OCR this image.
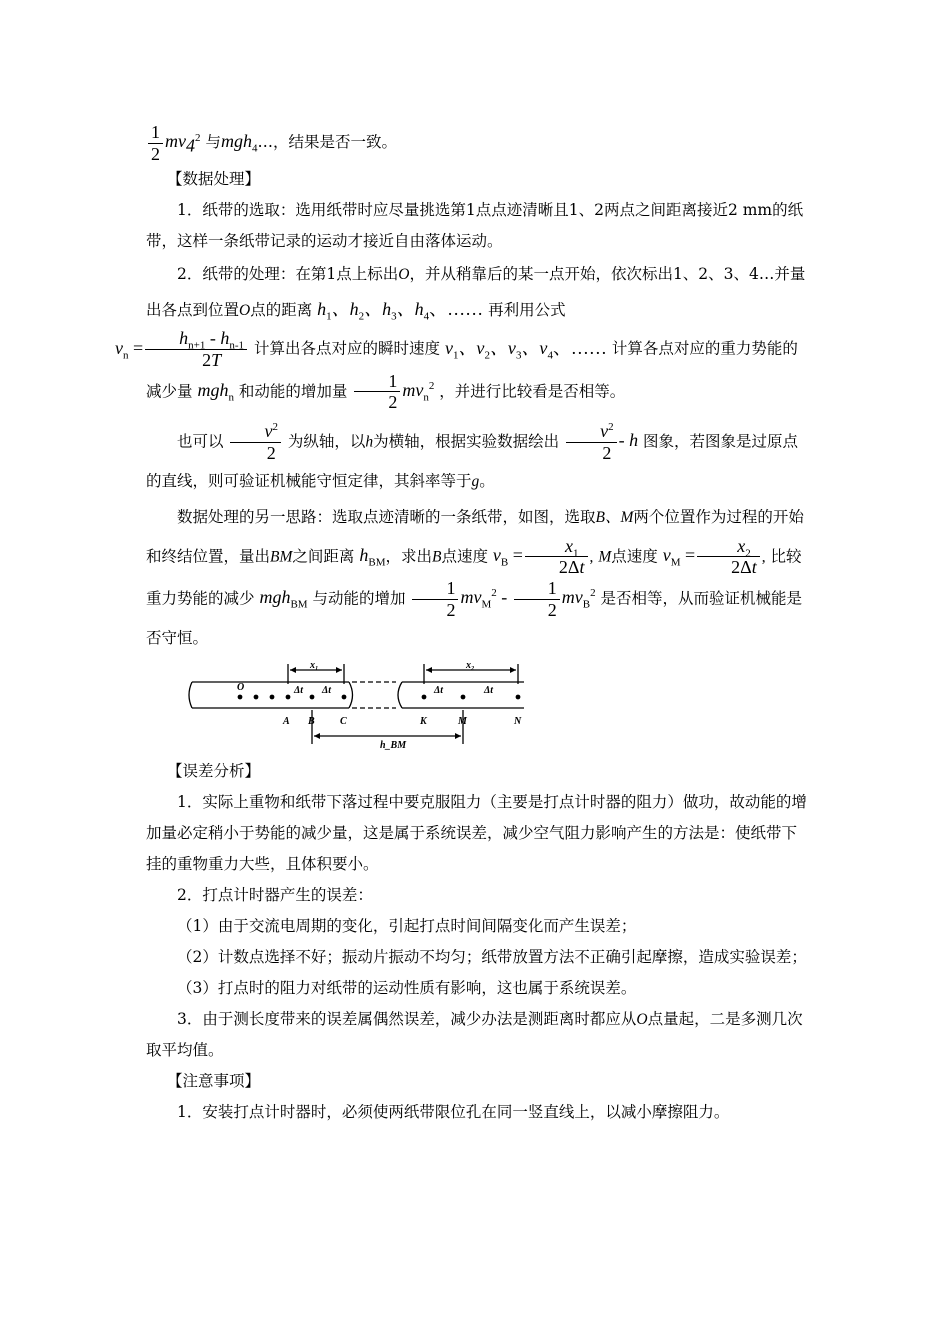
$\frac{1}{2} mv_4^2$ 与mgh$_4$…，结果是否一致。

【数据处理】

1．纸带的选取：选用纸带时应尽量挑选第1点点迹清晰且1、2两点之间距离接近2 mm的纸带，这样一条纸带记录的运动才接近自由落体运动。

2．纸带的处理：在第1点上标出O，并从稍靠后的某一点开始，依次标出1、2、3、4…并量出各点到位置O点的距离 $h_1$、$h_2$、$h_3$、$h_4$、…… 再利用公式
$v_n = \frac{h_{n+1} - h_{n-1}}{2T}$ 计算出各点对应的瞬时速度 $v_1$、$v_2$、$v_3$、$v_4$、…… 计算各点对应的重力势能的减少量 mgh$_n$ 和动能的增加量 $\frac{1}{2} mv_n^2$ ，并进行比较看是否相等。

也可以 $\frac{v^2}{2}$ 为纵轴，以h为横轴，根据实验数据绘出 $\frac{v^2}{2}$ - h 图象，若图象是过原点的直线，则可验证机械能守恒定律，其斜率等于g。

数据处理的另一思路：选取点迹清晰的一条纸带，如图，选取B、M两个位置作为过程的开始和终结位置，量出BM之间距离 $h_{BM}$，求出B点速度 $v_B = \frac{x_1}{2\Delta t}$ , M点速度 $v_M = \frac{x_2}{2\Delta t}$ , 比较重力势能的减少 mgh$_{BM}$ 与动能的增加 $\frac{1}{2} mv_M^2 - \frac{1}{2} mv_B^2$ 是否相等，从而验证机械能是否守恒。

O
A B	C	K	M	N
Δt Δt	Δt	Δt
x₁	x₂
h_BM

【误差分析】

1．实际上重物和纸带下落过程中要克服阻力（主要是打点计时器的阻力）做功，故动能的增加量必定稍小于势能的减少量，这是属于系统误差，减少空气阻力影响产生的方法是：使纸带下挂的重物重力大些，且体积要小。

2．打点计时器产生的误差：

（1）由于交流电周期的变化，引起打点时间间隔变化而产生误差；

（2）计数点选择不好；振动片振动不均匀；纸带放置方法不正确引起摩擦，造成实验误差；

（3）打点时的阻力对纸带的运动性质有影响，这也属于系统误差。

3．由于测长度带来的误差属偶然误差，减少办法是测距离时都应从O点量起，二是多测几次取平均值。

【注意事项】

1．安装打点计时器时，必须使两纸带限位孔在同一竖直线上，以减小摩擦阻力。
